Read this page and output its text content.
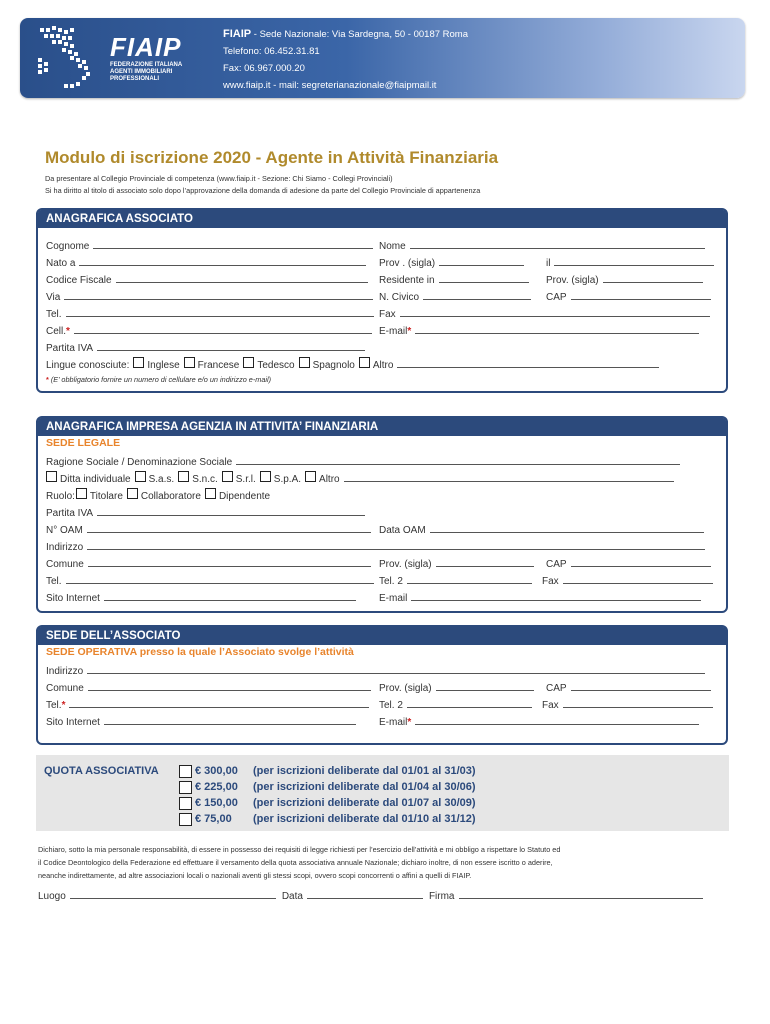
FIAIP
FEDERAZIONE ITALIANA
AGENTI IMMOBILIARI
PROFESSIONALI
FIAIP - Sede Nazionale: Via Sardegna, 50 - 00187 Roma
Telefono: 06.452.31.81
Fax: 06.967.000.20
www.fiaip.it - mail: segreterianazionale@fiaipmail.it
Modulo di iscrizione 2020 - Agente in Attività Finanziaria
Da presentare al Collegio Provinciale di competenza (www.fiaip.it - Sezione: Chi Siamo - Collegi Provinciali)
Si ha diritto al titolo di associato solo dopo l’approvazione della domanda di adesione da parte del Collegio Provinciale di appartenenza
ANAGRAFICA ASSOCIATO
Cognome	Nome
Nato a	Prov . (sigla)	il
Codice Fiscale	Residente in	Prov. (sigla)
Via	N. Civico	CAP
Tel.	Fax
Cell. *	E-mail *
Partita IVA
Lingue conosciute: Inglese Francese Tedesco Spagnolo Altro
* (E’ obbligatorio fornire un numero di cellulare e/o un indirizzo e-mail)
ANAGRAFICA IMPRESA AGENZIA IN ATTIVITA’ FINANZIARIA
SEDE LEGALE
Ragione Sociale / Denominazione Sociale
Ditta individuale S.a.s. S.n.c. S.r.l. S.p.A. Altro
Ruolo: Titolare Collaboratore Dipendente
Partita IVA
N° OAM	Data OAM
Indirizzo
Comune	Prov. (sigla)	CAP
Tel.	Tel. 2	Fax
Sito Internet	E-mail
SEDE DELL’ASSOCIATO
SEDE OPERATIVA presso la quale l’Associato svolge l’attività
Indirizzo
Comune	Prov. (sigla)	CAP
Tel. *	Tel. 2	Fax
Sito Internet	E-mail *
QUOTA ASSOCIATIVA	€ 300,00	(per iscrizioni deliberate dal 01/01 al 31/03)
€ 225,00	(per iscrizioni deliberate dal 01/04 al 30/06)
€ 150,00	(per iscrizioni deliberate dal 01/07 al 30/09)
€ 75,00	(per iscrizioni deliberate dal 01/10 al 31/12)
Dichiaro, sotto la mia personale responsabilità, di essere in possesso dei requisiti di legge richiesti per l’esercizio dell’attività e mi obbligo a rispettare lo Statuto ed
il Codice Deontologico della Federazione ed effettuare il versamento della quota associativa annuale Nazionale; dichiaro inoltre, di non essere iscritto o aderire,
neanche indirettamente, ad altre associazioni locali o nazionali aventi gli stessi scopi, ovvero scopi concorrenti o affini a quelli di FIAIP.
Luogo	Data	Firma
